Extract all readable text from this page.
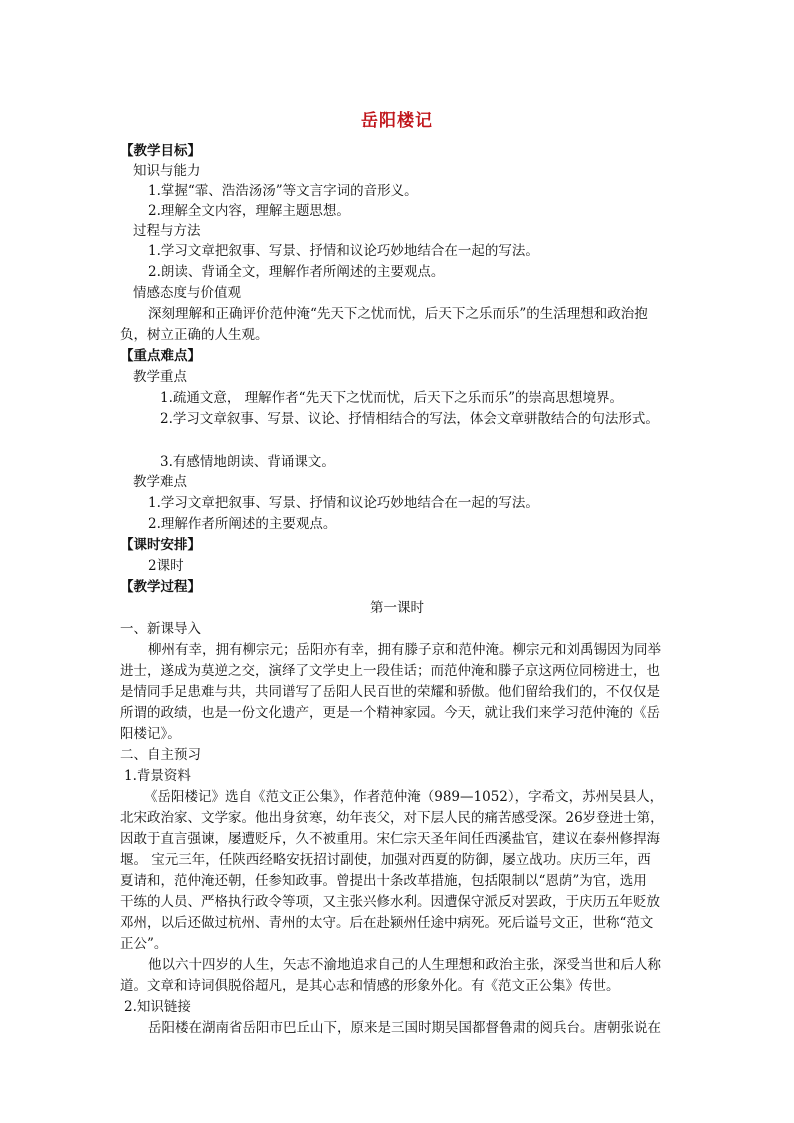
岳阳楼记
【教学目标】
知识与能力
1.掌握“霏、浩浩汤汤”等文言字词的音形义。
2.理解全文内容，理解主题思想。
过程与方法
1.学习文章把叙事、写景、抒情和议论巧妙地结合在一起的写法。
2.朗读、背诵全文，理解作者所阐述的主要观点。
情感态度与价值观
深刻理解和正确评价范仲淹“先天下之忧而忧，后天下之乐而乐”的生活理想和政治抱
负，树立正确的人生观。
【重点难点】
教学重点
1.疏通文意， 理解作者“先天下之忧而忧，后天下之乐而乐”的崇高思想境界。
2.学习文章叙事、写景、议论、抒情相结合的写法，体会文章骈散结合的句法形式。
3.有感情地朗读、背诵课文。
教学难点
1.学习文章把叙事、写景、抒情和议论巧妙地结合在一起的写法。
2.理解作者所阐述的主要观点。
【课时安排】
2课时
【教学过程】
第一课时
一、新课导入
柳州有幸，拥有柳宗元；岳阳亦有幸，拥有滕子京和范仲淹。柳宗元和刘禹锡因为同举
进士，遂成为莫逆之交，演绎了文学史上一段佳话；而范仲淹和滕子京这两位同榜进士，也
是情同手足患难与共，共同谱写了岳阳人民百世的荣耀和骄傲。他们留给我们的，不仅仅是
所谓的政绩，也是一份文化遗产，更是一个精神家园。今天，就让我们来学习范仲淹的《岳
阳楼记》。
二、自主预习
1.背景资料
《岳阳楼记》选自《范文正公集》，作者范仲淹（989—1052），字希文，苏州吴县人，
北宋政治家、文学家。他出身贫寒，幼年丧父，对下层人民的痛苦感受深。26岁登进士第，
因敢于直言强谏，屡遭贬斥，久不被重用。宋仁宗天圣年间任西溪盐官，建议在泰州修捍海
堰。 宝元三年，任陕西经略安抚招讨副使，加强对西夏的防御，屡立战功。庆历三年，西
夏请和，范仲淹还朝，任参知政事。曾提出十条改革措施，包括限制以“恩荫”为官，选用
干练的人员、严格执行政令等项，又主张兴修水利。因遭保守派反对罢政，于庆历五年贬放
邓州，以后还做过杭州、青州的太守。后在赴颍州任途中病死。死后谥号文正，世称“范文
正公”。
他以六十四岁的人生，矢志不渝地追求自己的人生理想和政治主张，深受当世和后人称
道。文章和诗词俱脱俗超凡，是其心志和情感的形象外化。有《范文正公集》传世。
2.知识链接
岳阳楼在湖南省岳阳市巴丘山下，原来是三国时期吴国都督鲁肃的阅兵台。唐朝张说在
